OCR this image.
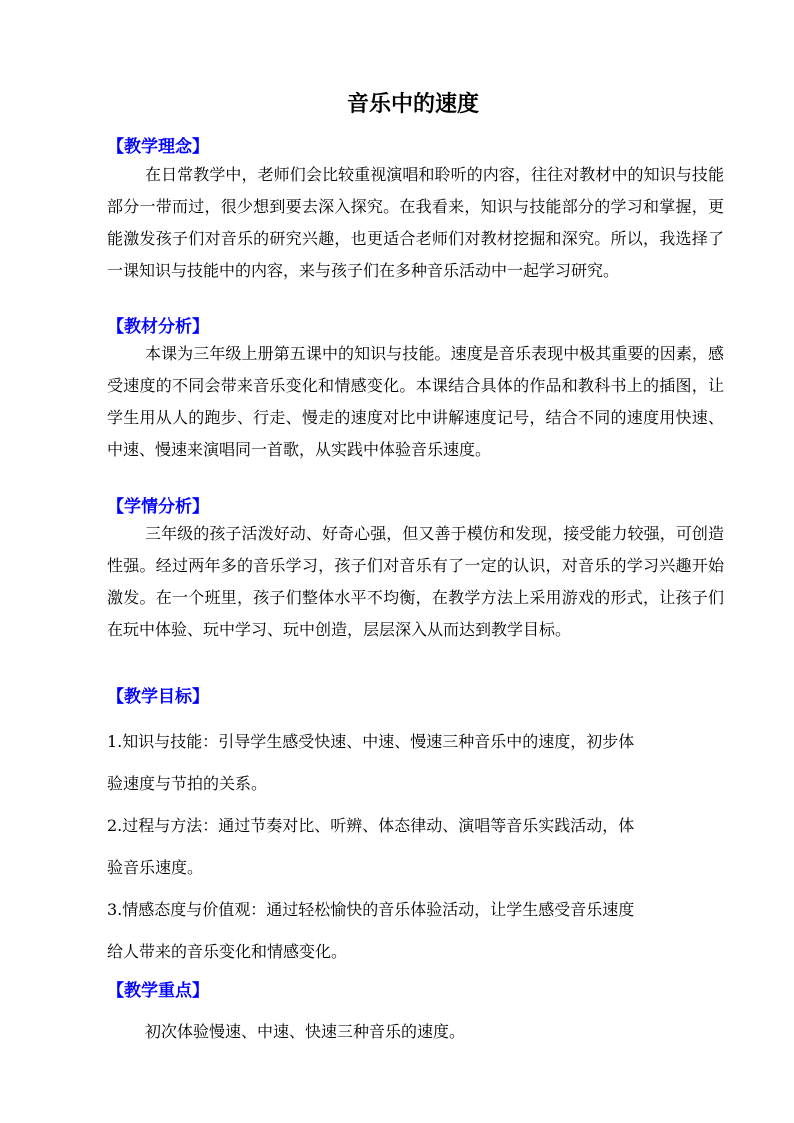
音乐中的速度
【教学理念】
在日常教学中，老师们会比较重视演唱和聆听的内容，往往对教材中的知识与技能部分一带而过，很少想到要去深入探究。在我看来，知识与技能部分的学习和掌握，更能激发孩子们对音乐的研究兴趣，也更适合老师们对教材挖掘和深究。所以，我选择了一课知识与技能中的内容，来与孩子们在多种音乐活动中一起学习研究。
【教材分析】
本课为三年级上册第五课中的知识与技能。速度是音乐表现中极其重要的因素，感受速度的不同会带来音乐变化和情感变化。本课结合具体的作品和教科书上的插图，让学生用从人的跑步、行走、慢走的速度对比中讲解速度记号，结合不同的速度用快速、中速、慢速来演唱同一首歌，从实践中体验音乐速度。
【学情分析】
三年级的孩子活泼好动、好奇心强，但又善于模仿和发现，接受能力较强，可创造性强。经过两年多的音乐学习，孩子们对音乐有了一定的认识，对音乐的学习兴趣开始激发。在一个班里，孩子们整体水平不均衡，在教学方法上采用游戏的形式，让孩子们在玩中体验、玩中学习、玩中创造，层层深入从而达到教学目标。
【教学目标】
1.知识与技能：引导学生感受快速、中速、慢速三种音乐中的速度，初步体
验速度与节拍的关系。
2.过程与方法：通过节奏对比、听辨、体态律动、演唱等音乐实践活动，体
验音乐速度。
3.情感态度与价值观：通过轻松愉快的音乐体验活动，让学生感受音乐速度
给人带来的音乐变化和情感变化。
【教学重点】
初次体验慢速、中速、快速三种音乐的速度。
